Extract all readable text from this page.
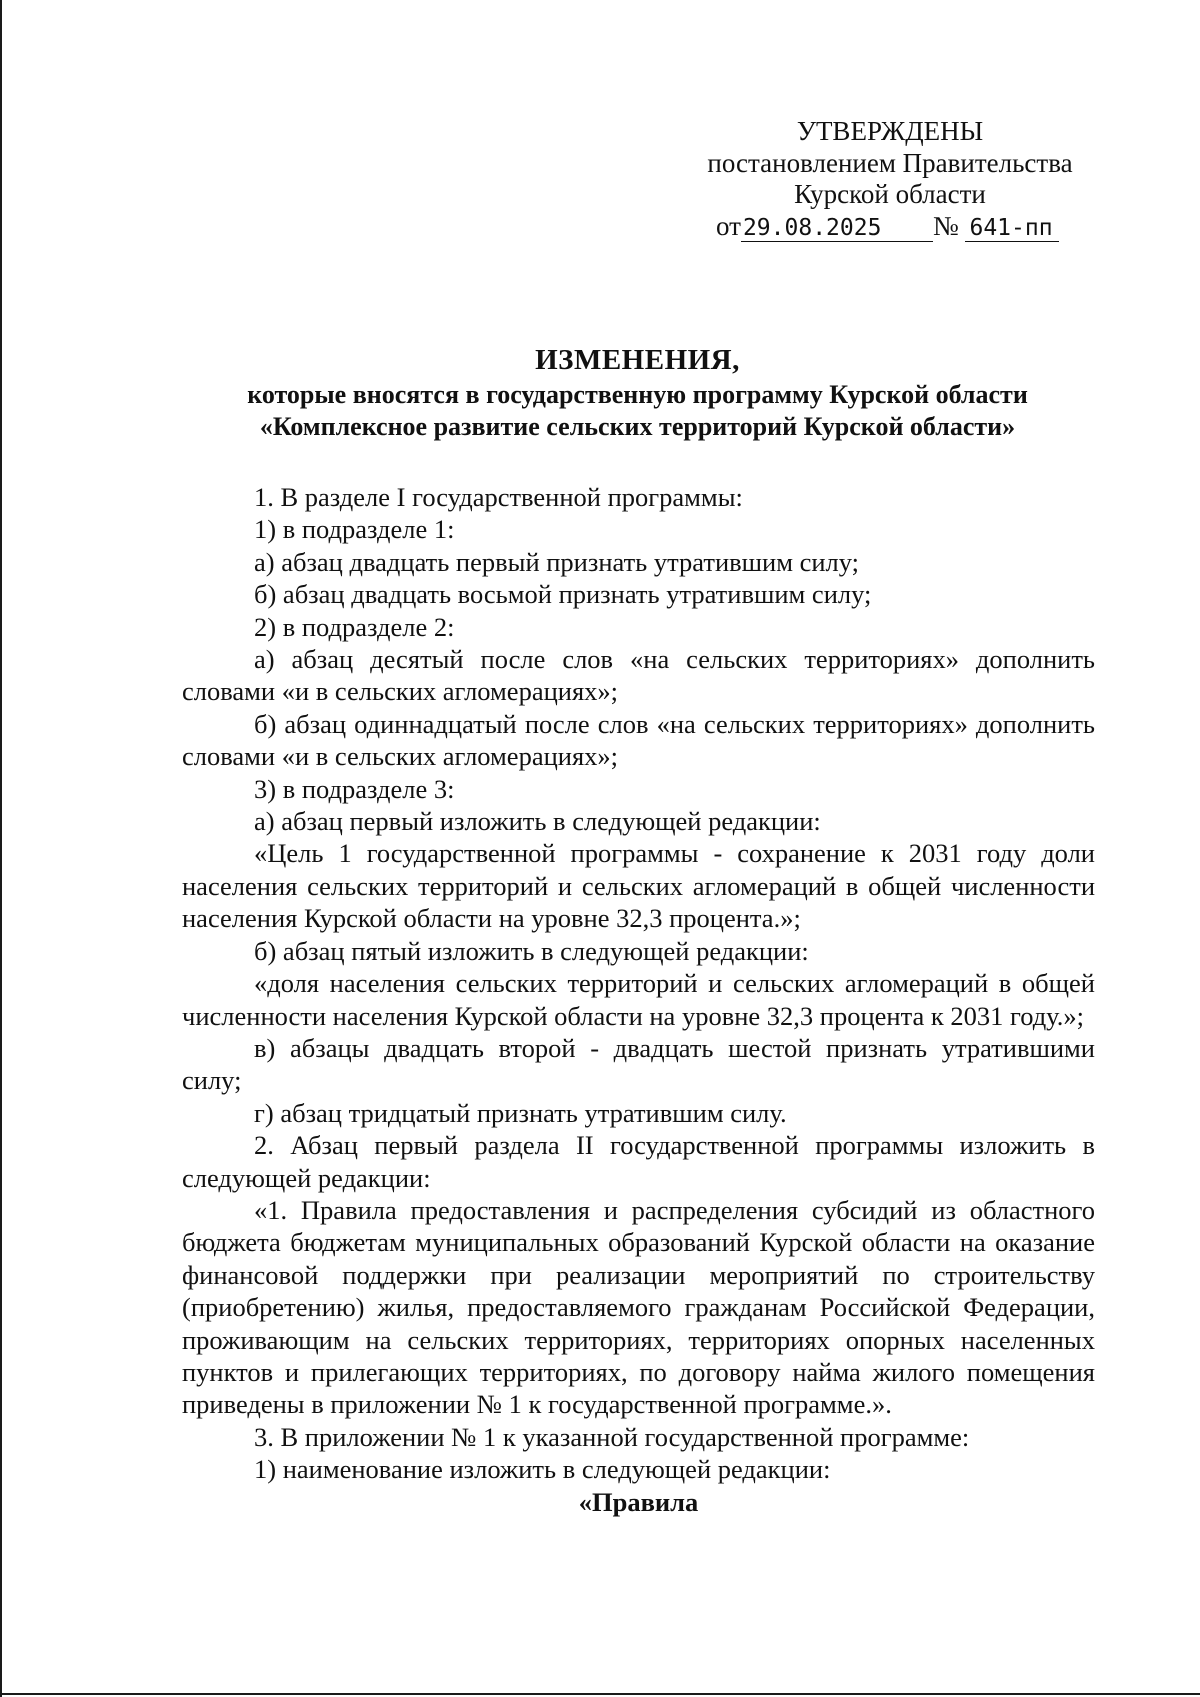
УТВЕРЖДЕНЫ
постановлением Правительства
Курской области
от29.08.2025 № 641-пп
ИЗМЕНЕНИЯ,
которые вносятся в государственную программу Курской области
«Комплексное развитие сельских территорий Курской области»

1. В разделе I государственной программы:

1) в подразделе 1:

а) абзац двадцать первый признать утратившим силу;

б) абзац двадцать восьмой признать утратившим силу;

2) в подразделе 2:

а) абзац десятый после слов «на сельских территориях» дополнить словами «и в сельских агломерациях»;

б) абзац одиннадцатый после слов «на сельских территориях» дополнить словами «и в сельских агломерациях»;

3) в подразделе 3:

а) абзац первый изложить в следующей редакции:

«Цель 1 государственной программы - сохранение к 2031 году доли населения сельских территорий и сельских агломераций в общей численности населения Курской области на уровне 32,3 процента.»;

б) абзац пятый изложить в следующей редакции:

«доля населения сельских территорий и сельских агломераций в общей численности населения Курской области на уровне 32,3 процента к 2031 году.»;

в) абзацы двадцать второй - двадцать шестой признать утратившими силу;

г) абзац тридцатый признать утратившим силу.

2. Абзац первый раздела II государственной программы изложить в следующей редакции:

«1. Правила предоставления и распределения субсидий из областного бюджета бюджетам муниципальных образований Курской области на оказание финансовой поддержки при реализации мероприятий по строительству (приобретению) жилья, предоставляемого гражданам Российской Федерации, проживающим на сельских территориях, территориях опорных населенных пунктов и прилегающих территориях, по договору найма жилого помещения приведены в приложении № 1 к государственной программе.».

3. В приложении № 1 к указанной государственной программе:

1) наименование изложить в следующей редакции:

«Правила
